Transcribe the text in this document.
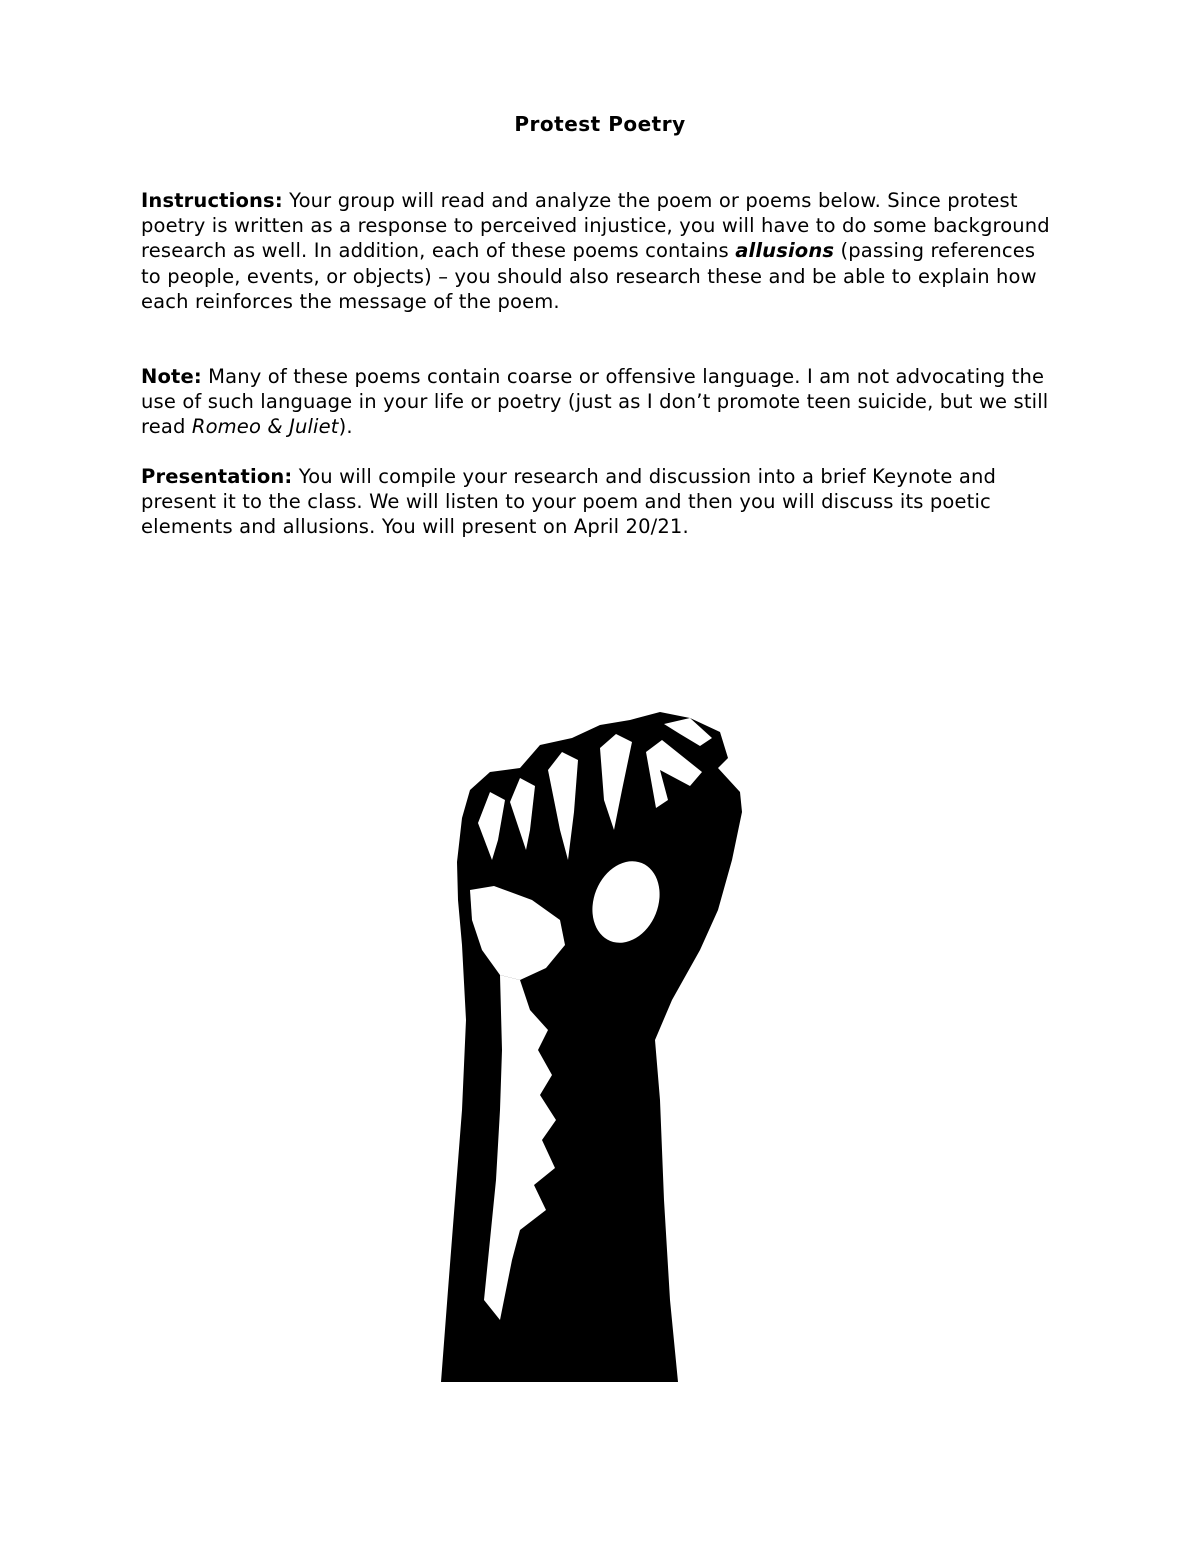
Protest Poetry

Instructions: Your group will read and analyze the poem or poems below. Since protest poetry is written as a response to perceived injustice, you will have to do some background research as well. In addition, each of these poems contains allusions (passing references to people, events, or objects) – you should also research these and be able to explain how each reinforces the message of the poem.

Note: Many of these poems contain coarse or offensive language. I am not advocating the use of such language in your life or poetry (just as I don’t promote teen suicide, but we still read Romeo & Juliet).

Presentation: You will compile your research and discussion into a brief Keynote and present it to the class. We will listen to your poem and then you will discuss its poetic elements and allusions. You will present on April 20/21.
